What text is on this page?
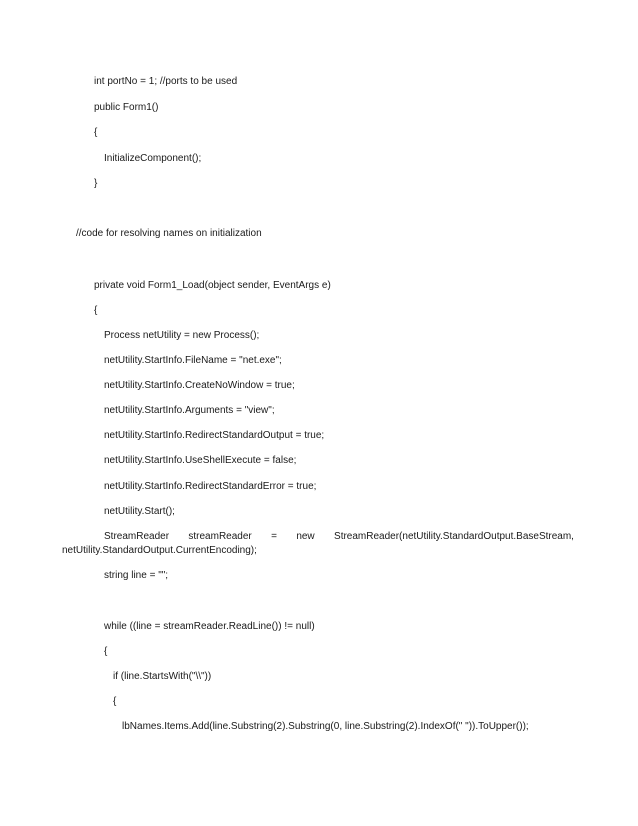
int portNo = 1; //ports to be used
public Form1()
{
InitializeComponent();
}
//code for resolving names on initialization
private void Form1_Load(object sender, EventArgs e)
{
Process netUtility = new Process();
netUtility.StartInfo.FileName = "net.exe";
netUtility.StartInfo.CreateNoWindow = true;
netUtility.StartInfo.Arguments = "view";
netUtility.StartInfo.RedirectStandardOutput = true;
netUtility.StartInfo.UseShellExecute = false;
netUtility.StartInfo.RedirectStandardError = true;
netUtility.Start();
StreamReader streamReader = new StreamReader(netUtility.StandardOutput.BaseStream,
netUtility.StandardOutput.CurrentEncoding);
string line = "";
while ((line = streamReader.ReadLine()) != null)
{
if (line.StartsWith("\\"))
{
lbNames.Items.Add(line.Substring(2).Substring(0, line.Substring(2).IndexOf(" ")).ToUpper());
